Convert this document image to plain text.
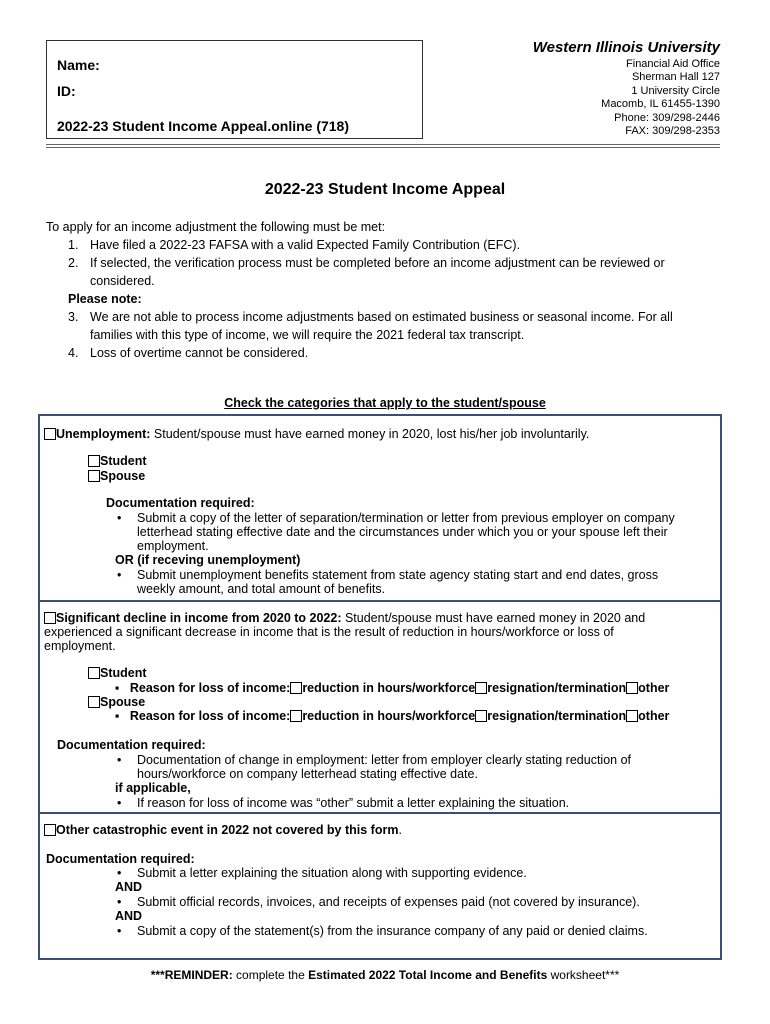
Name:
ID:
2022-23 Student Income Appeal.online (718)
Western Illinois University
Financial Aid Office
Sherman Hall 127
1 University Circle
Macomb, IL 61455-1390
Phone: 309/298-2446
FAX: 309/298-2353
2022-23 Student Income Appeal
To apply for an income adjustment the following must be met:
1. Have filed a 2022-23 FAFSA with a valid Expected Family Contribution (EFC).
2. If selected, the verification process must be completed before an income adjustment can be reviewed or
considered.
Please note:
3. We are not able to process income adjustments based on estimated business or seasonal income. For all
families with this type of income, we will require the 2021 federal tax transcript.
4. Loss of overtime cannot be considered.
Check the categories that apply to the student/spouse
Unemployment: Student/spouse must have earned money in 2020, lost his/her job involuntarily.
Student
Spouse
Documentation required:
• Submit a copy of the letter of separation/termination or letter from previous employer on company
letterhead stating effective date and the circumstances under which you or your spouse left their
employment.
OR (if receving unemployment)
• Submit unemployment benefits statement from state agency stating start and end dates, gross
weekly amount, and total amount of benefits.
Significant decline in income from 2020 to 2022: Student/spouse must have earned money in 2020 and
experienced a significant decrease in income that is the result of reduction in hours/workforce or loss of
employment.
Student
▪ Reason for loss of income: reduction in hours/workforce resignation/termination other
Spouse
▪ Reason for loss of income: reduction in hours/workforce resignation/termination other
Documentation required:
• Documentation of change in employment: letter from employer clearly stating reduction of
hours/workforce on company letterhead stating effective date.
if applicable,
• If reason for loss of income was “other” submit a letter explaining the situation.
Other catastrophic event in 2022 not covered by this form.
Documentation required:
• Submit a letter explaining the situation along with supporting evidence.
AND
• Submit official records, invoices, and receipts of expenses paid (not covered by insurance).
AND
• Submit a copy of the statement(s) from the insurance company of any paid or denied claims.
***REMINDER: complete the Estimated 2022 Total Income and Benefits worksheet***
